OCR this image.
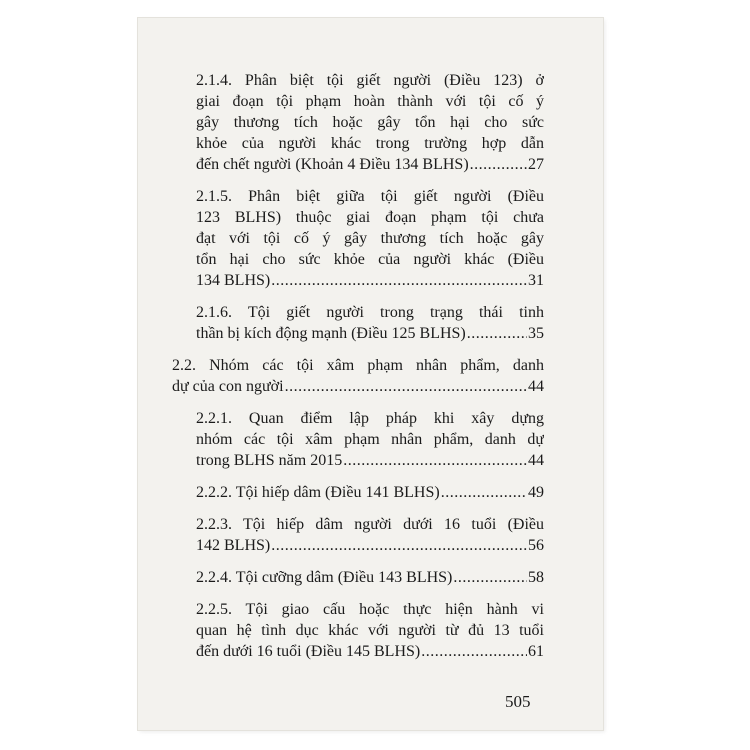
2.1.4. Phân biệt tội giết người (Điều 123) ở
giai đoạn tội phạm hoàn thành với tội cố ý
gây thương tích hoặc gây tổn hại cho sức
khỏe của người khác trong trường hợp dẫn
đến chết người (Khoản 4 Điều 134 BLHS) .....	27
2.1.5. Phân biệt giữa tội giết người (Điều
123 BLHS) thuộc giai đoạn phạm tội chưa
đạt với tội cố ý gây thương tích hoặc gây
tổn hại cho sức khỏe của người khác (Điều
134 BLHS) .....	31
2.1.6. Tội giết người trong trạng thái tinh
thần bị kích động mạnh (Điều 125 BLHS) .....	35
2.2. Nhóm các tội xâm phạm nhân phẩm, danh
dự của con người .....	44
2.2.1. Quan điểm lập pháp khi xây dựng
nhóm các tội xâm phạm nhân phẩm, danh dự
trong BLHS năm 2015 .....	44
2.2.2. Tội hiếp dâm (Điều 141 BLHS) .....	49
2.2.3. Tội hiếp dâm người dưới 16 tuổi (Điều
142 BLHS) .....	56
2.2.4. Tội cưỡng dâm (Điều 143 BLHS) .....	58
2.2.5. Tội giao cấu hoặc thực hiện hành vi
quan hệ tình dục khác với người từ đủ 13 tuổi
đến dưới 16 tuổi (Điều 145 BLHS) .....	61
505
